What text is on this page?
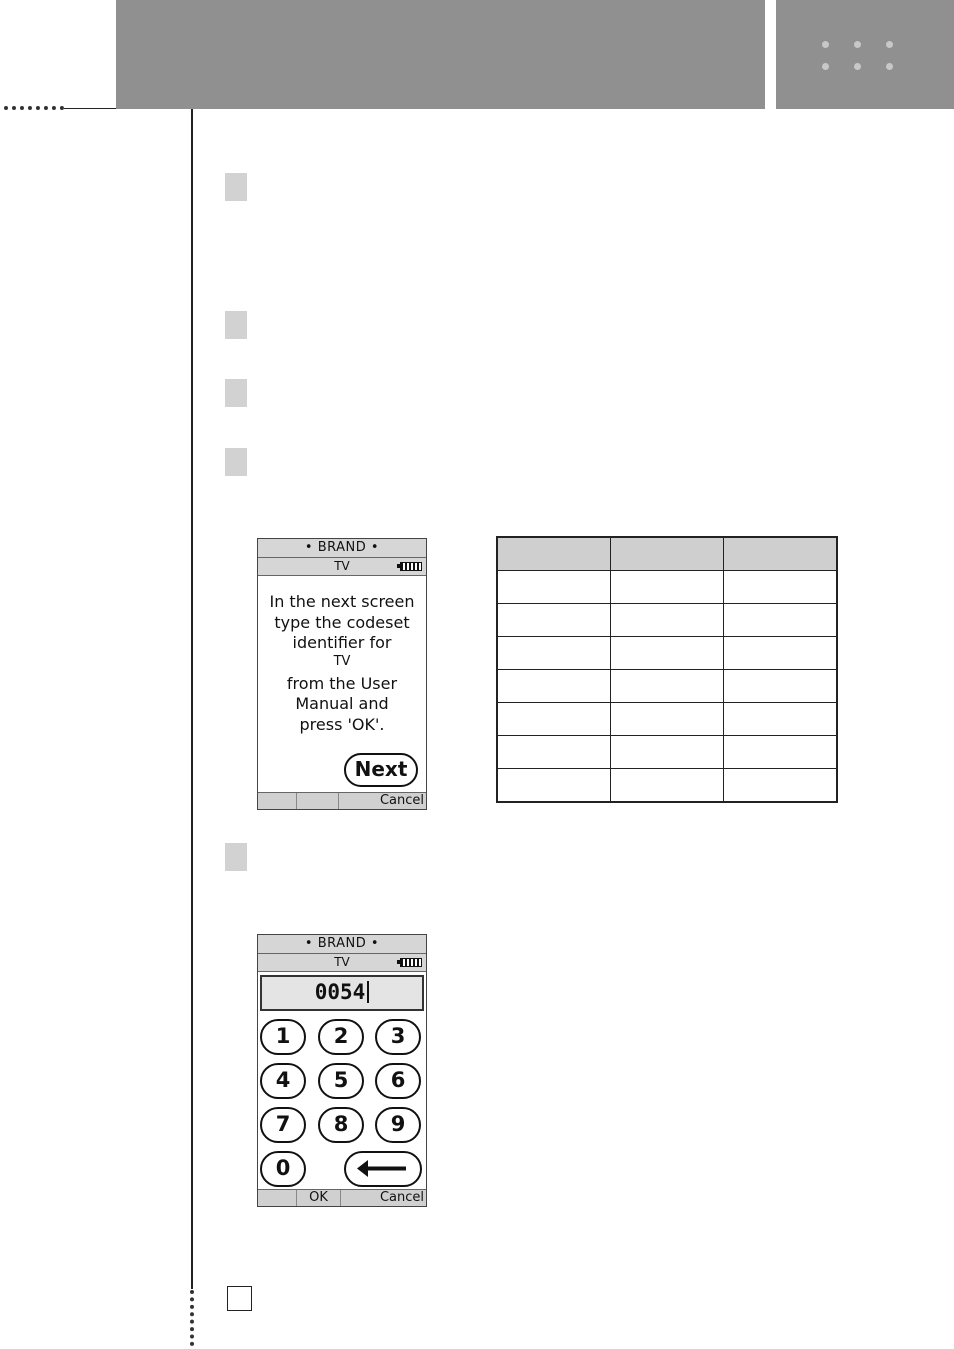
• BRAND •
TV
In the next screen
type the codeset
identifier for
TV
from the User
Manual and
press 'OK'.
Next
Cancel

• BRAND •
TV
0054
1	2	3
4	5	6
7	8	9
0
OK	Cancel
